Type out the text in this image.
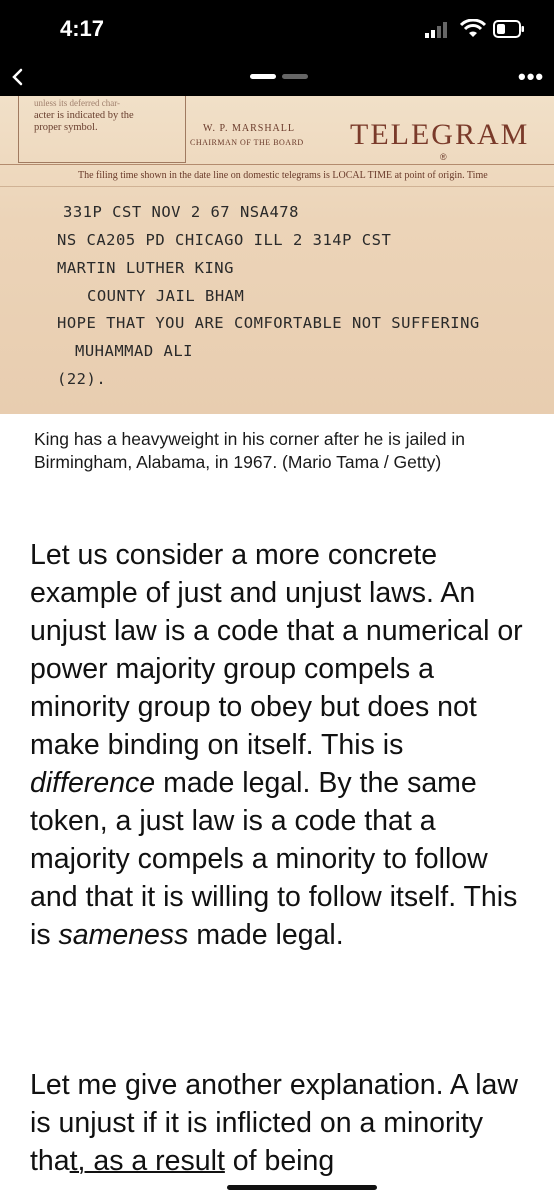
4:17
•••
unless its deferred char-
acter is indicated by the
proper symbol.	W. P. MARSHALL
CHAIRMAN OF THE BOARD TELEGRAM
®
The filing time shown in the date line on domestic telegrams is LOCAL TIME at point of origin. Time
331P CST NOV 2 67 NSA478
NS CA205 PD CHICAGO ILL 2 314P CST
MARTIN LUTHER KING
COUNTY JAIL BHAM
HOPE THAT YOU ARE COMFORTABLE NOT SUFFERING
MUHAMMAD ALI
(22).
King has a heavyweight in his corner after he is jailed in Birmingham, Alabama, in 1967. (Mario Tama / Getty)
Let us consider a more concrete example of just and unjust laws. An unjust law is a code that a numerical or power majority group compels a minority group to obey but does not make binding on itself. This is difference made legal. By the same token, a just law is a code that a majority compels a minority to follow and that it is willing to follow itself. This is sameness made legal.
Let me give another explanation. A law is unjust if it is inflicted on a minority that, as a result of being
